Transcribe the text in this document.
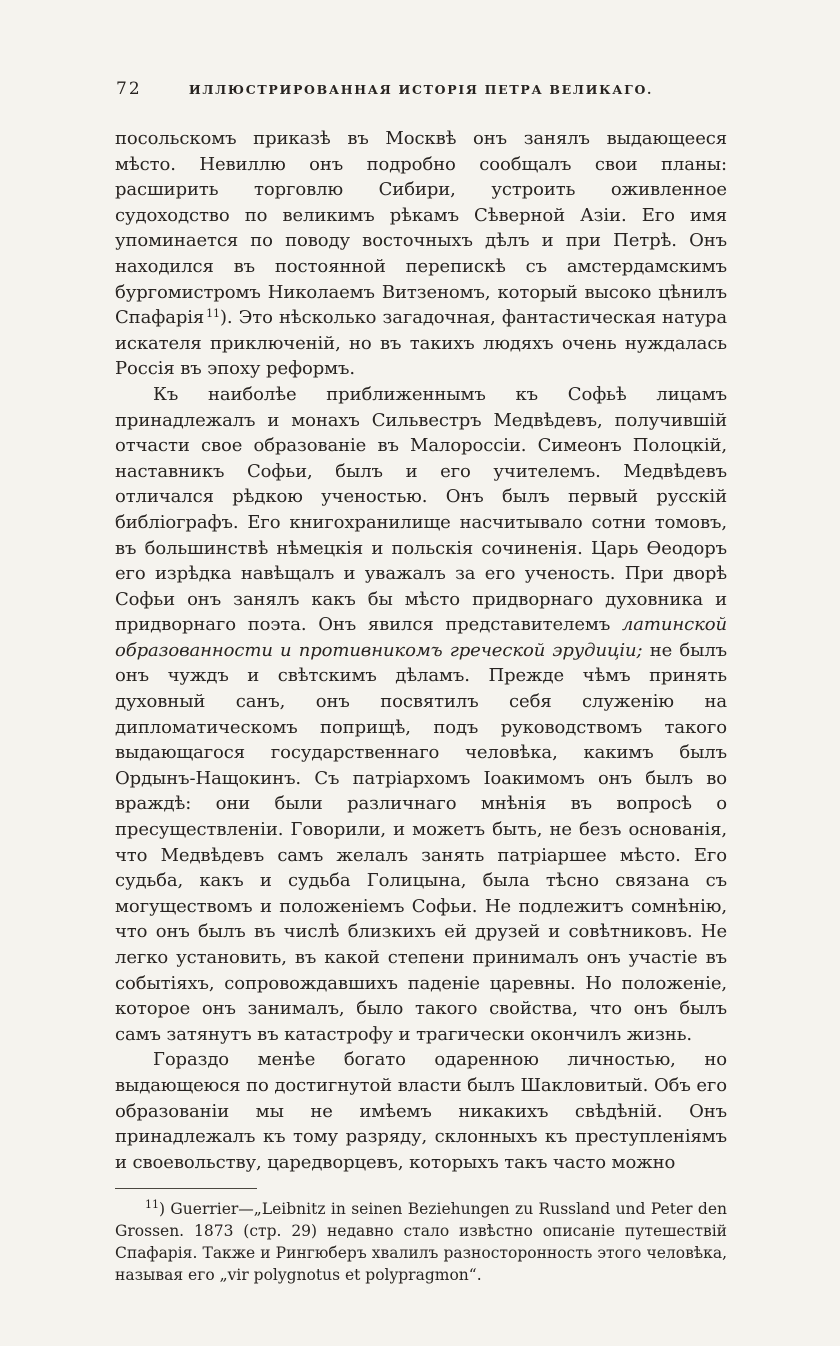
72	ИЛЛЮСТРИРОВАННАЯ ИСТОРІЯ ПЕТРА ВЕЛИКАГО.

посольскомъ приказѣ въ Москвѣ онъ занялъ выдающееся мѣсто. Невиллю онъ подробно сообщалъ свои планы: расширить торговлю Сибири, устроить оживленное судоходство по великимъ рѣкамъ Сѣверной Азіи. Его имя упоминается по поводу восточныхъ дѣлъ и при Петрѣ. Онъ находился въ постоянной перепискѣ съ амстердамскимъ бургомистромъ Николаемъ Витзеномъ, который высоко цѣнилъ Спафарія $^{11}$). Это нѣсколько загадочная, фантастическая натура искателя приключеній, но въ такихъ людяхъ очень нуждалась Россія въ эпоху реформъ.

Къ наиболѣе приближеннымъ къ Софьѣ лицамъ принадлежалъ и монахъ Сильвестръ Медвѣдевъ, получившій отчасти свое образованіе въ Малороссіи. Симеонъ Полоцкій, наставникъ Софьи, былъ и его учителемъ. Медвѣдевъ отличался рѣдкою ученостью. Онъ былъ первый русскій библіографъ. Его книгохранилище насчитывало сотни томовъ, въ большинствѣ нѣмецкія и польскія сочиненія. Царь Ѳеодоръ его изрѣдка навѣщалъ и уважалъ за его ученость. При дворѣ Софьи онъ занялъ какъ бы мѣсто придворнаго духовника и придворнаго поэта. Онъ явился представителемъ латинской образованности и противникомъ греческой эрудиціи; не былъ онъ чуждъ и свѣтскимъ дѣламъ. Прежде чѣмъ принять духовный санъ, онъ посвятилъ себя служенію на дипломатическомъ поприщѣ, подъ руководствомъ такого выдающагося государственнаго человѣка, какимъ былъ Ордынъ-Нащокинъ. Съ патріархомъ Іоакимомъ онъ былъ во враждѣ: они были различнаго мнѣнія въ вопросѣ о пресуществленіи. Говорили, и можетъ быть, не безъ основанія, что Медвѣдевъ самъ желалъ занять патріаршее мѣсто. Его судьба, какъ и судьба Голицына, была тѣсно связана съ могуществомъ и положеніемъ Софьи. Не подлежитъ сомнѣнію, что онъ былъ въ числѣ близкихъ ей друзей и совѣтниковъ. Не легко установить, въ какой степени принималъ онъ участіе въ событіяхъ, сопровождавшихъ паденіе царевны. Но положеніе, которое онъ занималъ, было такого свойства, что онъ былъ самъ затянутъ въ катастрофу и трагически окончилъ жизнь.

Гораздо менѣе богато одаренною личностью, но выдающеюся по достигнутой власти былъ Шакловитый. Объ его образованіи мы не имѣемъ никакихъ свѣдѣній. Онъ принадлежалъ къ тому разряду, склонныхъ къ преступленіямъ и своевольству, царедворцевъ, которыхъ такъ часто можно

$^{11}$) Guerrier—„Leibnitz in seinen Beziehungen zu Russland und Peter den Grossen. 1873 (стр. 29) недавно стало извѣстно описаніе путешествій Спафарія. Также и Рингюберъ хвалилъ разносторонность этого человѣка, называя его „vir polygnotus et polypragmon“.
